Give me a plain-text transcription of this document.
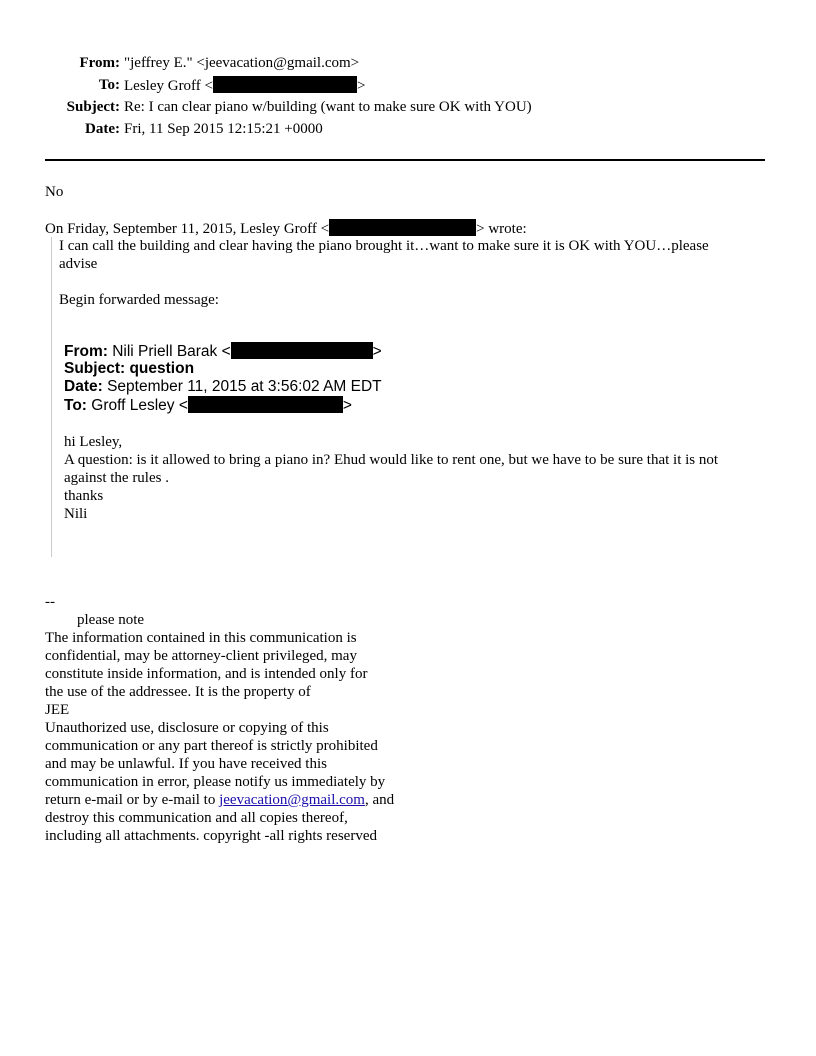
From: "jeffrey E." <jeevacation@gmail.com>
To: Lesley Groff <	>
Subject: Re: I can clear piano w/building (want to make sure OK with YOU)
Date: Fri, 11 Sep 2015 12:15:21 +0000
No
On Friday, September 11, 2015, Lesley Groff <	> wrote:
I can call the building and clear having the piano brought it…want to make sure it is OK with YOU…please
advise
Begin forwarded message:
From: Nili Priell Barak <	>
Subject: question
Date: September 11, 2015 at 3:56:02 AM EDT
To: Groff Lesley <	>
hi Lesley,
A question: is it allowed to bring a piano in? Ehud would like to rent one, but we have to be sure that it is not
against the rules .
thanks
Nili
--
please note
The information contained in this communication is
confidential, may be attorney-client privileged, may
constitute inside information, and is intended only for
the use of the addressee. It is the property of
JEE
Unauthorized use, disclosure or copying of this
communication or any part thereof is strictly prohibited
and may be unlawful. If you have received this
communication in error, please notify us immediately by
return e-mail or by e-mail to jeevacation@gmail.com, and
destroy this communication and all copies thereof,
including all attachments. copyright -all rights reserved
